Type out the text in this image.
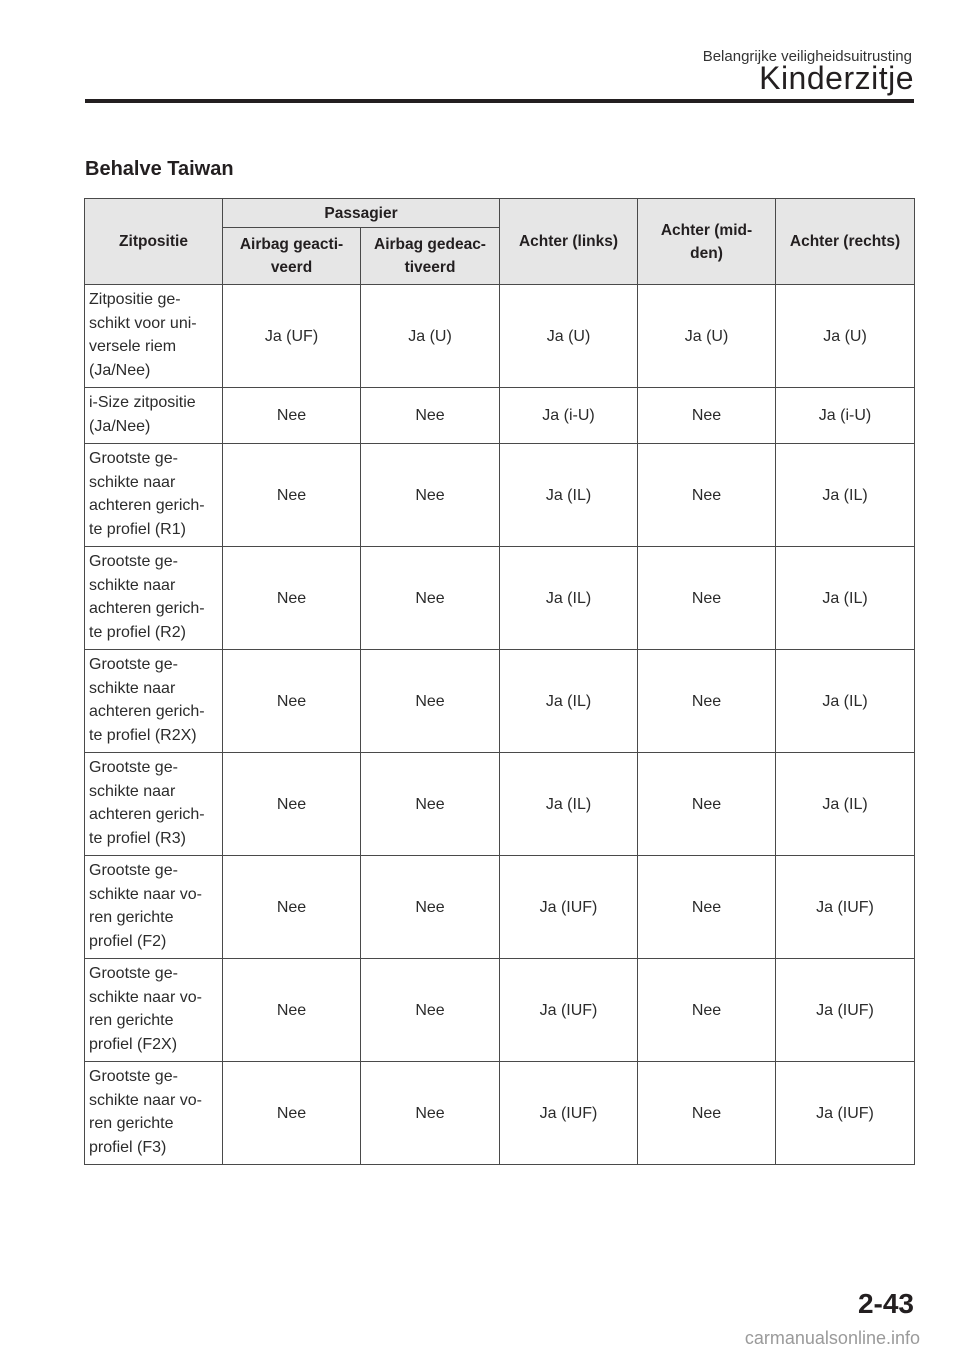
Belangrijke veiligheidsuitrusting
Kinderzitje
Behalve Taiwan
Zitpositie	Passagier		Achter (links)	Achter (mid-
den)	Achter (rechts)
	Airbag geacti-
veerd	Airbag gedeac-
tiveerd			
Zitpositie ge-
schikt voor uni-
versele riem
(Ja/Nee)	Ja (UF)	Ja (U)	Ja (U)	Ja (U)	Ja (U)
i-Size zitpositie
(Ja/Nee)	Nee	Nee	Ja (i-U)	Nee	Ja (i-U)
Grootste ge-
schikte naar
achteren gerich-
te profiel (R1)	Nee	Nee	Ja (IL)	Nee	Ja (IL)
Grootste ge-
schikte naar
achteren gerich-
te profiel (R2)	Nee	Nee	Ja (IL)	Nee	Ja (IL)
Grootste ge-
schikte naar
achteren gerich-
te profiel (R2X)	Nee	Nee	Ja (IL)	Nee	Ja (IL)
Grootste ge-
schikte naar
achteren gerich-
te profiel (R3)	Nee	Nee	Ja (IL)	Nee	Ja (IL)
Grootste ge-
schikte naar vo-
ren gerichte
profiel (F2)	Nee	Nee	Ja (IUF)	Nee	Ja (IUF)
Grootste ge-
schikte naar vo-
ren gerichte
profiel (F2X)	Nee	Nee	Ja (IUF)	Nee	Ja (IUF)
Grootste ge-
schikte naar vo-
ren gerichte
profiel (F3)	Nee	Nee	Ja (IUF)	Nee	Ja (IUF)
2-43
carmanualsonline.info
